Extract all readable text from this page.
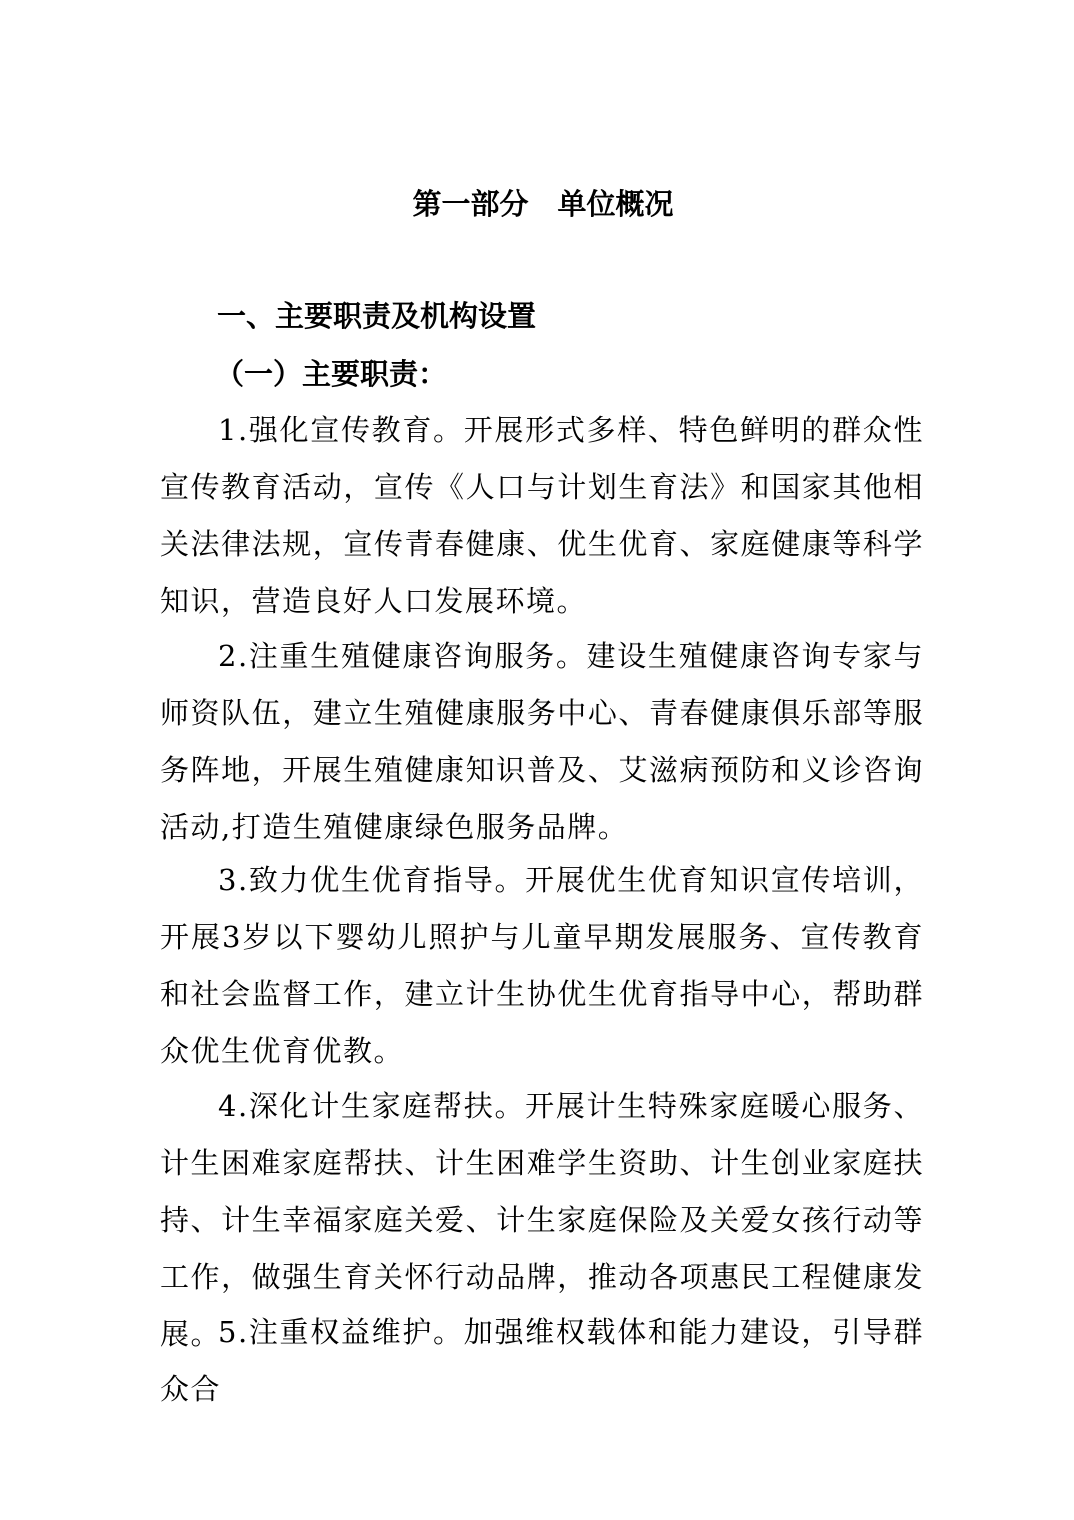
第一部分　单位概况
一、主要职责及机构设置
（一）主要职责：

1.强化宣传教育。开展形式多样、特色鲜明的群众性宣传教育活动，宣传《人口与计划生育法》和国家其他相关法律法规，宣传青春健康、优生优育、家庭健康等科学知识，营造良好人口发展环境。

2.注重生殖健康咨询服务。建设生殖健康咨询专家与师资队伍，建立生殖健康服务中心、青春健康俱乐部等服务阵地，开展生殖健康知识普及、艾滋病预防和义诊咨询活动,打造生殖健康绿色服务品牌。

3.致力优生优育指导。开展优生优育知识宣传培训，开展3岁以下婴幼儿照护与儿童早期发展服务、宣传教育和社会监督工作，建立计生协优生优育指导中心，帮助群众优生优育优教。

4.深化计生家庭帮扶。开展计生特殊家庭暖心服务、计生困难家庭帮扶、计生困难学生资助、计生创业家庭扶持、计生幸福家庭关爱、计生家庭保险及关爱女孩行动等工作，做强生育关怀行动品牌，推动各项惠民工程健康发展。

5.注重权益维护。加强维权载体和能力建设，引导群众合
